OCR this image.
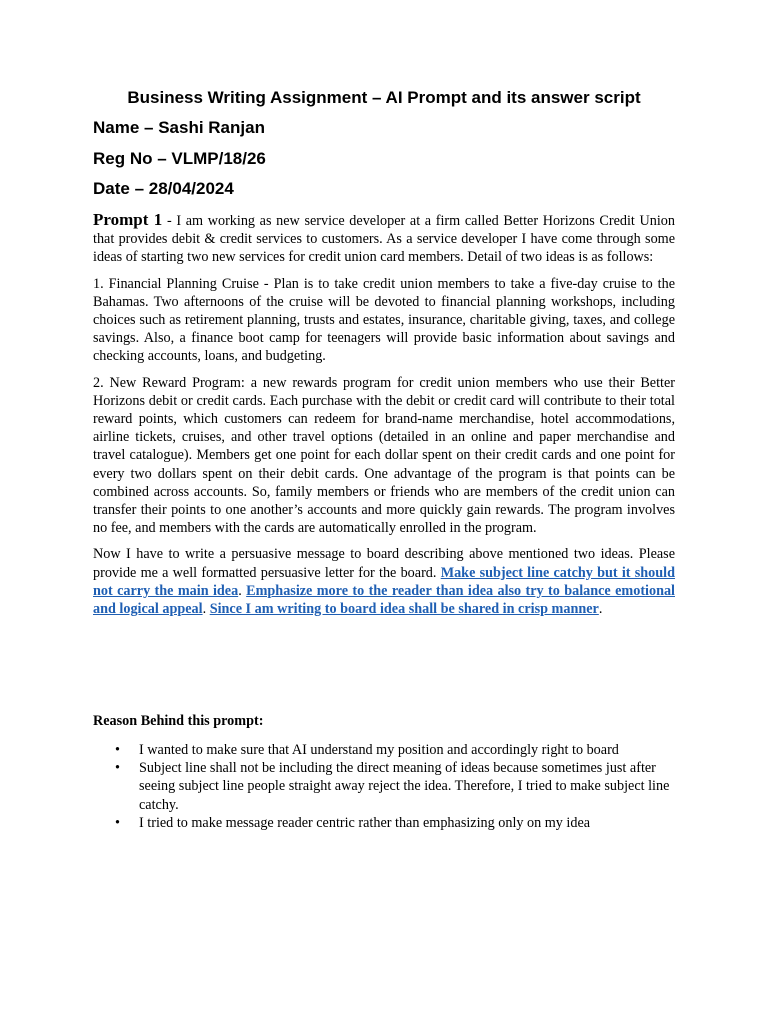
Business Writing Assignment – AI Prompt and its answer script
Name – Sashi Ranjan
Reg No – VLMP/18/26
Date – 28/04/2024

Prompt 1 - I am working as new service developer at a firm called Better Horizons Credit Union that provides debit & credit services to customers. As a service developer I have come through some ideas of starting two new services for credit union card members. Detail of two ideas is as follows:

1. Financial Planning Cruise - Plan is to take credit union members to take a five-day cruise to the Bahamas. Two afternoons of the cruise will be devoted to financial planning workshops, including choices such as retirement planning, trusts and estates, insurance, charitable giving, taxes, and college savings. Also, a finance boot camp for teenagers will provide basic information about savings and checking accounts, loans, and budgeting.

2. New Reward Program: a new rewards program for credit union members who use their Better Horizons debit or credit cards. Each purchase with the debit or credit card will contribute to their total reward points, which customers can redeem for brand-name merchandise, hotel accommodations, airline tickets, cruises, and other travel options (detailed in an online and paper merchandise and travel catalogue). Members get one point for each dollar spent on their credit cards and one point for every two dollars spent on their debit cards. One advantage of the program is that points can be combined across accounts. So, family members or friends who are members of the credit union can transfer their points to one another’s accounts and more quickly gain rewards. The program involves no fee, and members with the cards are automatically enrolled in the program.

Now I have to write a persuasive message to board describing above mentioned two ideas. Please provide me a well formatted persuasive letter for the board. Make subject line catchy but it should not carry the main idea. Emphasize more to the reader than idea also try to balance emotional and logical appeal. Since I am writing to board idea shall be shared in crisp manner.

Reason Behind this prompt:
• I wanted to make sure that AI understand my position and accordingly right to board
• Subject line shall not be including the direct meaning of ideas because sometimes just after seeing subject line people straight away reject the idea. Therefore, I tried to make subject line catchy.
• I tried to make message reader centric rather than emphasizing only on my idea
